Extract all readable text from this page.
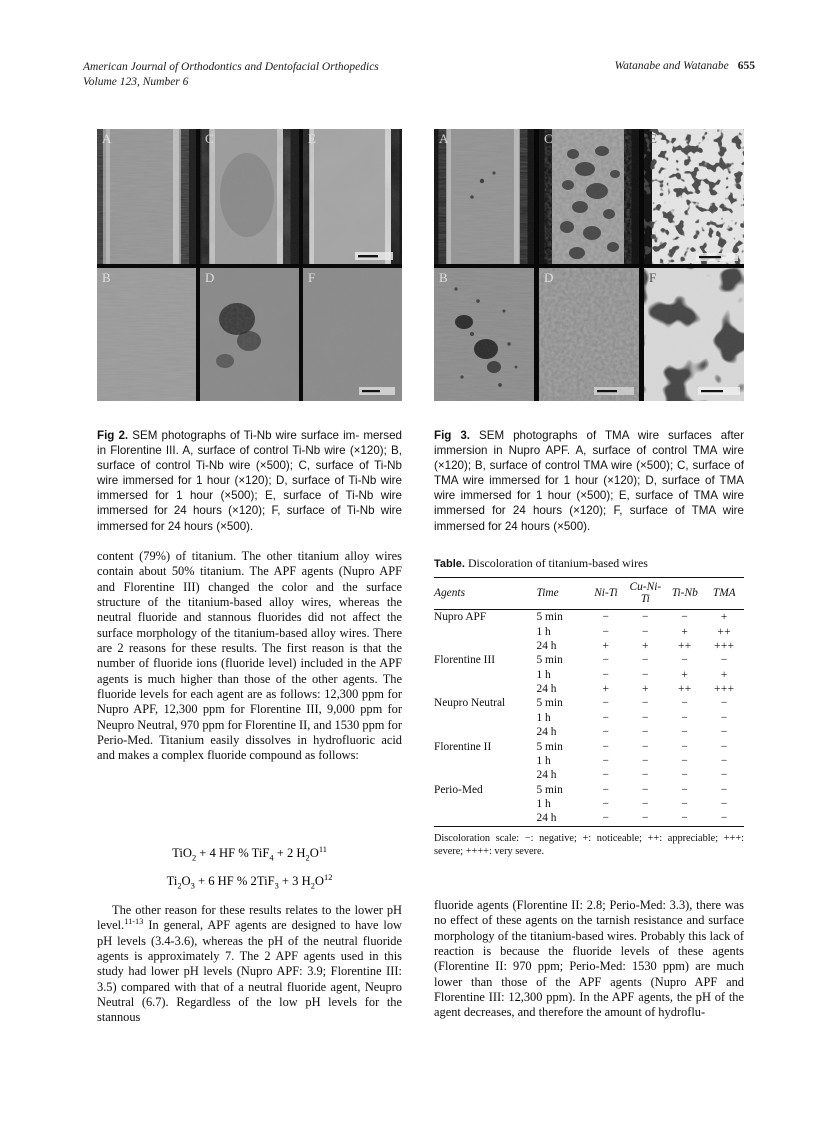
American Journal of Orthodontics and Dentofacial Orthopedics
Volume 123, Number 6
Watanabe and Watanabe 655
A	C	E
B	D	F
A	C	E
B	D	F
Fig 2. SEM photographs of Ti-Nb wire surface im- mersed in Florentine III. A, surface of control Ti-Nb wire (×120); B, surface of control Ti-Nb wire (×500); C, surface of Ti-Nb wire immersed for 1 hour (×120); D, surface of Ti-Nb wire immersed for 1 hour (×500); E, surface of Ti-Nb wire immersed for 24 hours (×120); F, surface of Ti-Nb wire immersed for 24 hours (×500).
Fig 3. SEM photographs of TMA wire surfaces after immersion in Nupro APF. A, surface of control TMA wire (×120); B, surface of control TMA wire (×500); C, surface of TMA wire immersed for 1 hour (×120); D, surface of TMA wire immersed for 1 hour (×500); E, surface of TMA wire immersed for 24 hours (×120); F, surface of TMA wire immersed for 24 hours (×500).

content (79%) of titanium. The other titanium alloy wires contain about 50% titanium. The APF agents (Nupro APF and Florentine III) changed the color and the surface structure of the titanium-based alloy wires, whereas the neutral fluoride and stannous fluorides did not affect the surface morphology of the titanium-based alloy wires. There are 2 reasons for these results. The first reason is that the number of fluoride ions (fluoride level) included in the APF agents is much higher than those of the other agents. The fluoride levels for each agent are as follows: 12,300 ppm for Nupro APF, 12,300 ppm for Florentine III, 9,000 ppm for Neupro Neutral, 970 ppm for Florentine II, and 1530 ppm for Perio-Med. Titanium easily dissolves in hydrofluoric acid and makes a complex fluoride compound as follows:

TiO$_2$ + 4 HF % TiF$_4$ + 2 $H_2O^{11}$
$Ti_2O_3 + 6$ HF % 2TiF$_3$ + 3 $H_2O^{12}$

The other reason for these results relates to the lower pH level.$^{11-13}$ In general, APF agents are designed to have low pH levels (3.4-3.6), whereas the pH of the neutral fluoride agents is approximately 7. The 2 APF agents used in this study had lower pH levels (Nupro APF: 3.9; Florentine III: 3.5) compared with that of a neutral fluoride agent, Neupro Neutral (6.7). Regardless of the low pH levels for the stannous

Table. Discoloration of titanium-based wires
Agents	Time	Ni-Ti	Cu-Ni-Ti	Ti-Nb	TMA
Nupro APF	5 min	−	−	−	+
	1 h	−	−	+	++
	24 h	+	+	++	+++
Florentine III	5 min	−	−	−	−
	1 h	−	−	+	+
	24 h	+	+	++	+++
Neupro Neutral	5 min	−	−	−	−
	1 h	−	−	−	−
	24 h	−	−	−	−
Florentine II	5 min	−	−	−	−
	1 h	−	−	−	−
	24 h	−	−	−	−
Perio-Med	5 min	−	−	−	−
	1 h	−	−	−	−
	24 h	−	−	−	−
Discoloration scale: −: negative; +: noticeable; ++: appreciable; +++: severe; ++++: very severe.

fluoride agents (Florentine II: 2.8; Perio-Med: 3.3), there was no effect of these agents on the tarnish resistance and surface morphology of the titanium-based wires. Probably this lack of reaction is because the fluoride levels of these agents (Florentine II: 970 ppm; Perio-Med: 1530 ppm) are much lower than those of the APF agents (Nupro APF and Florentine III: 12,300 ppm). In the APF agents, the pH of the agent decreases, and therefore the amount of hydroflu-
